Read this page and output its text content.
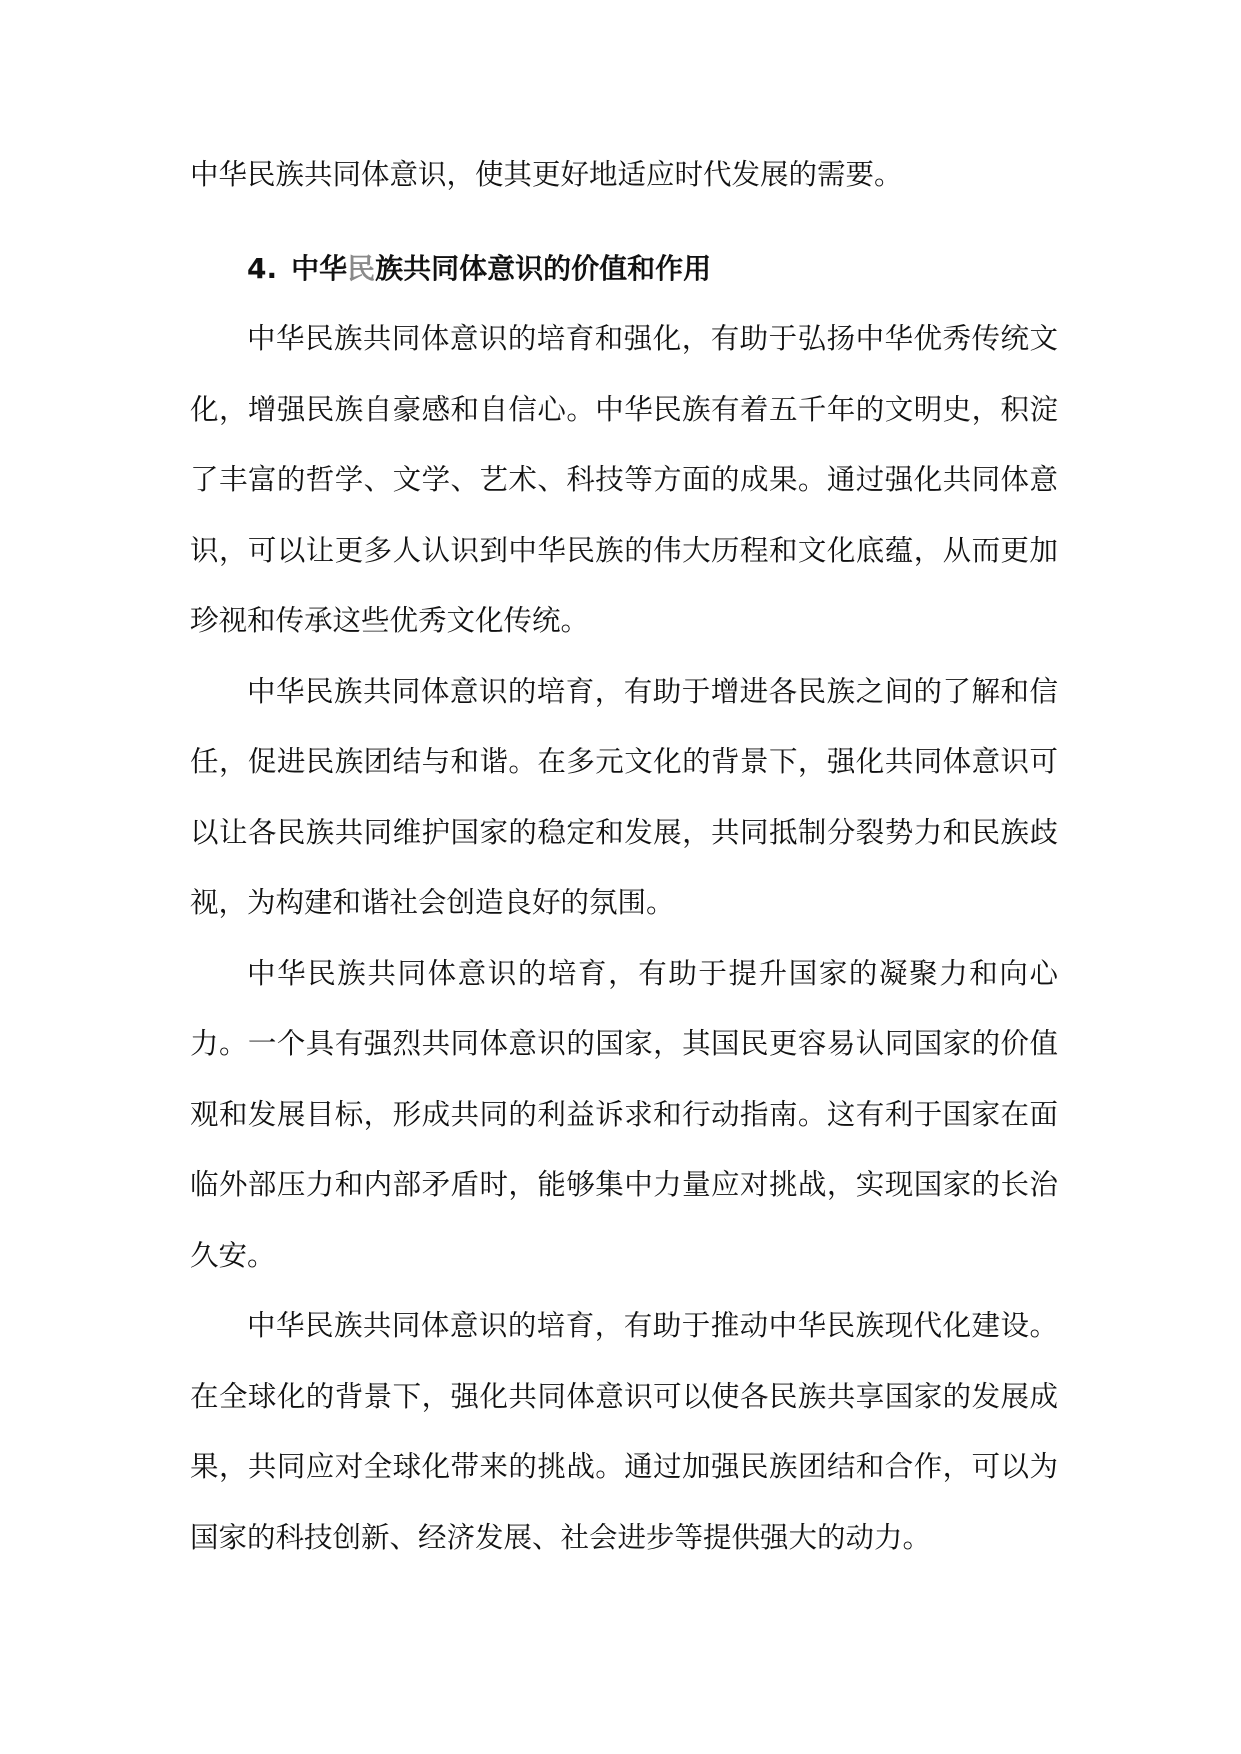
中华民族共同体意识，使其更好地适应时代发展的需要。

4. 中华民族共同体意识的价值和作用

中华民族共同体意识的培育和强化，有助于弘扬中华优秀传统文化，增强民族自豪感和自信心。中华民族有着五千年的文明史，积淀了丰富的哲学、文学、艺术、科技等方面的成果。通过强化共同体意识，可以让更多人认识到中华民族的伟大历程和文化底蕴，从而更加珍视和传承这些优秀文化传统。

中华民族共同体意识的培育，有助于增进各民族之间的了解和信任，促进民族团结与和谐。在多元文化的背景下，强化共同体意识可以让各民族共同维护国家的稳定和发展，共同抵制分裂势力和民族歧视，为构建和谐社会创造良好的氛围。

中华民族共同体意识的培育，有助于提升国家的凝聚力和向心力。一个具有强烈共同体意识的国家，其国民更容易认同国家的价值观和发展目标，形成共同的利益诉求和行动指南。这有利于国家在面临外部压力和内部矛盾时，能够集中力量应对挑战，实现国家的长治久安。

中华民族共同体意识的培育，有助于推动中华民族现代化建设。在全球化的背景下，强化共同体意识可以使各民族共享国家的发展成果，共同应对全球化带来的挑战。通过加强民族团结和合作，可以为国家的科技创新、经济发展、社会进步等提供强大的动力。
